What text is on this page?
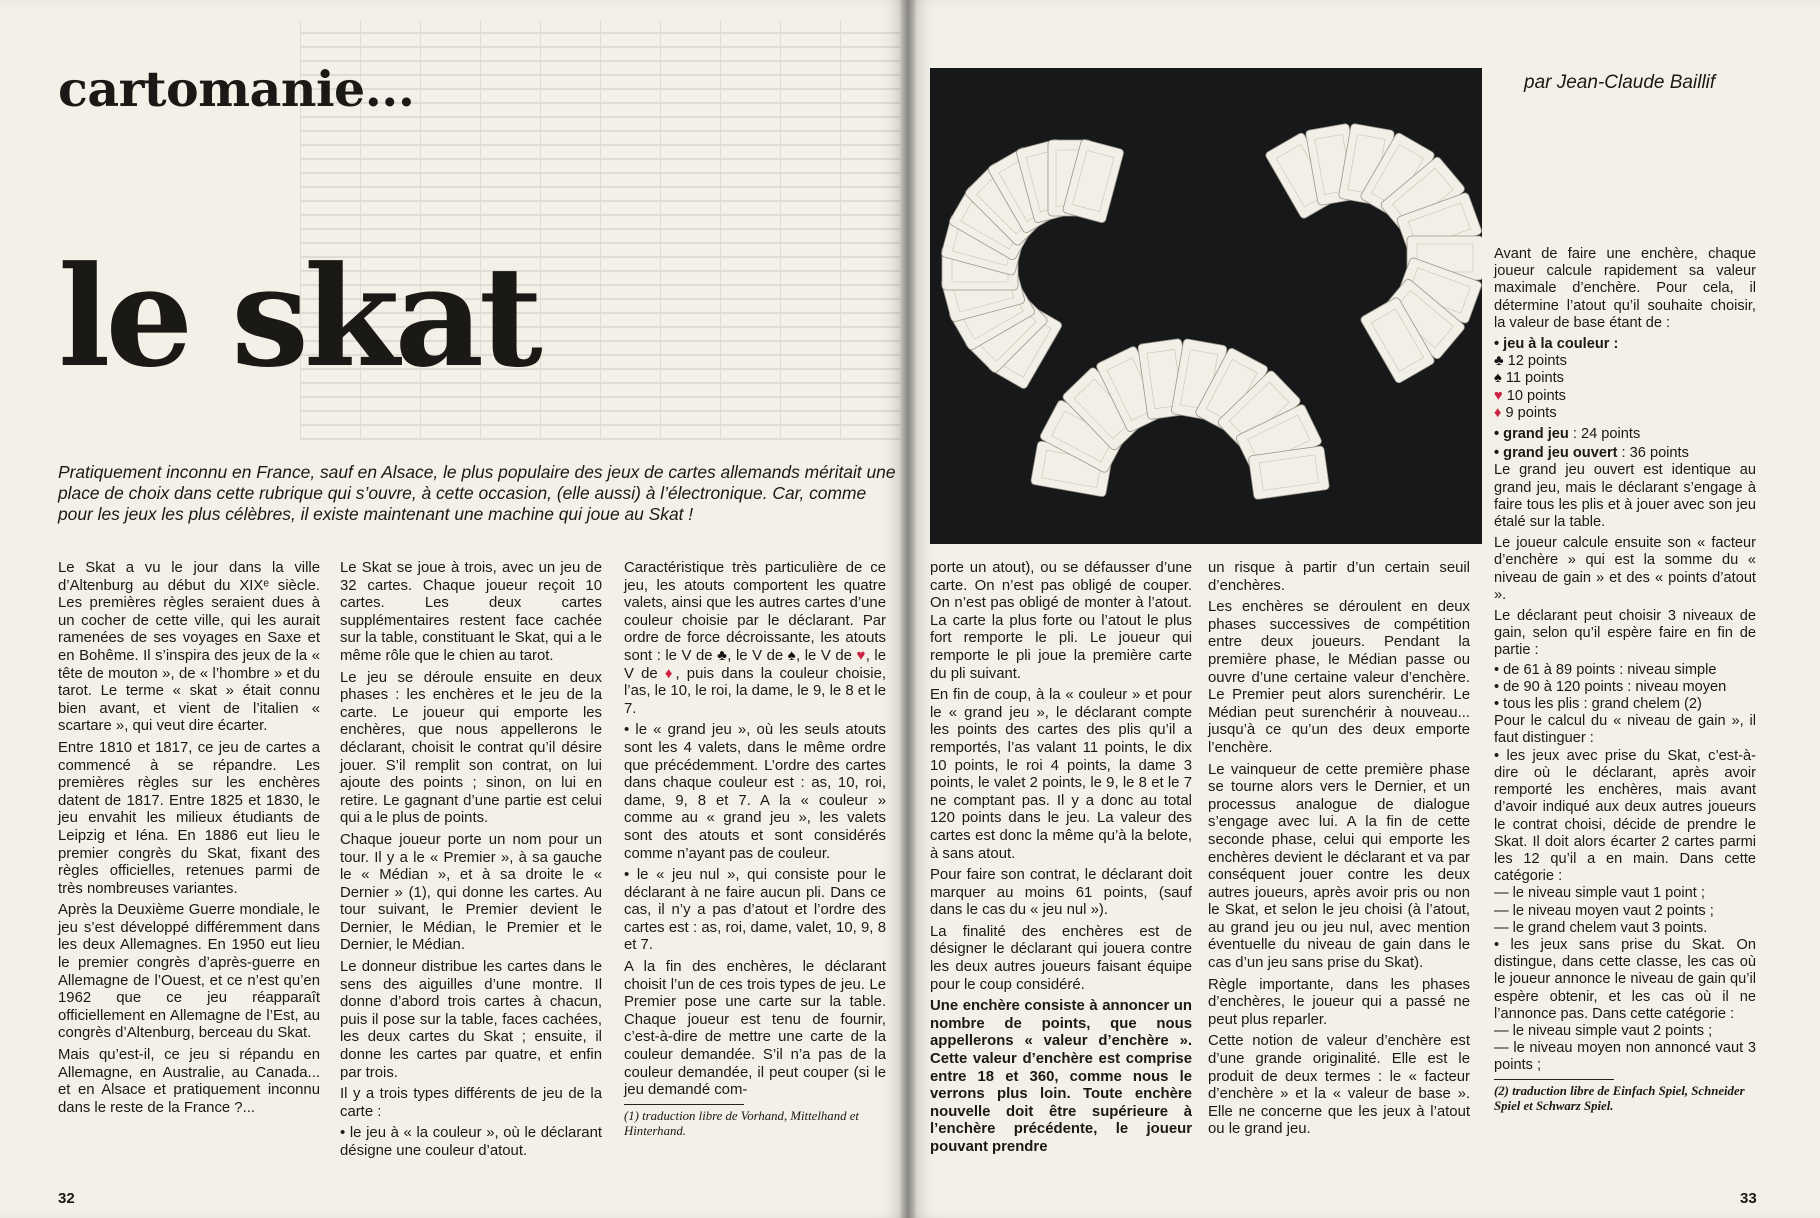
cartomanie...
le skat

Pratiquement inconnu en France, sauf en Alsace, le plus populaire des jeux de cartes allemands méritait une place de choix dans cette rubrique qui s’ouvre, à cette occasion, (elle aussi) à l’électronique. Car, comme pour les jeux les plus célèbres, il existe maintenant une machine qui joue au Skat !

Le Skat a vu le jour dans la ville d’Altenburg au début du XIXᵉ siècle. Les premières règles seraient dues à un cocher de cette ville, qui les aurait ramenées de ses voyages en Saxe et en Bohême. Il s’inspira des jeux de la « tête de mouton », de « l’hombre » et du tarot. Le terme « skat » était connu bien avant, et vient de l’italien « scartare », qui veut dire écarter.

Entre 1810 et 1817, ce jeu de cartes a commencé à se répandre. Les premières règles sur les enchères datent de 1817. Entre 1825 et 1830, le jeu envahit les milieux étudiants de Leipzig et Iéna. En 1886 eut lieu le premier congrès du Skat, fixant des règles officielles, retenues parmi de très nombreuses variantes.

Après la Deuxième Guerre mondiale, le jeu s’est développé différemment dans les deux Allemagnes. En 1950 eut lieu le premier congrès d’après-guerre en Allemagne de l’Ouest, et ce n’est qu’en 1962 que ce jeu réapparaît officiellement en Allemagne de l’Est, au congrès d’Altenburg, berceau du Skat.

Mais qu’est-il, ce jeu si répandu en Allemagne, en Australie, au Canada... et en Alsace et pratiquement inconnu dans le reste de la France ?...

Le Skat se joue à trois, avec un jeu de 32 cartes. Chaque joueur reçoit 10 cartes. Les deux cartes supplémentaires restent face cachée sur la table, constituant le Skat, qui a le même rôle que le chien au tarot.

Le jeu se déroule ensuite en deux phases : les enchères et le jeu de la carte. Le joueur qui emporte les enchères, que nous appellerons le déclarant, choisit le contrat qu’il désire jouer. S’il remplit son contrat, on lui ajoute des points ; sinon, on lui en retire. Le gagnant d’une partie est celui qui a le plus de points.

Chaque joueur porte un nom pour un tour. Il y a le « Premier », à sa gauche le « Médian », et à sa droite le « Dernier » (1), qui donne les cartes. Au tour suivant, le Premier devient le Dernier, le Médian, le Premier et le Dernier, le Médian.

Le donneur distribue les cartes dans le sens des aiguilles d’une montre. Il donne d’abord trois cartes à chacun, puis il pose sur la table, faces cachées, les deux cartes du Skat ; ensuite, il donne les cartes par quatre, et enfin par trois.

Il y a trois types différents de jeu de la carte :

• le jeu à « la couleur », où le déclarant désigne une couleur d’atout.

Caractéristique très particulière de ce jeu, les atouts comportent les quatre valets, ainsi que les autres cartes d’une couleur choisie par le déclarant. Par ordre de force décroissante, les atouts sont : le V de ♣, le V de ♠, le V de ♥, le V de ♦, puis dans la couleur choisie, l’as, le 10, le roi, la dame, le 9, le 8 et le 7.

• le « grand jeu », où les seuls atouts sont les 4 valets, dans le même ordre que précédemment. L’ordre des cartes dans chaque couleur est : as, 10, roi, dame, 9, 8 et 7. A la « couleur » comme au « grand jeu », les valets sont des atouts et sont considérés comme n’ayant pas de couleur.

• le « jeu nul », qui consiste pour le déclarant à ne faire aucun pli. Dans ce cas, il n’y a pas d’atout et l’ordre des cartes est : as, roi, dame, valet, 10, 9, 8 et 7.

A la fin des enchères, le déclarant choisit l’un de ces trois types de jeu. Le Premier pose une carte sur la table. Chaque joueur est tenu de fournir, c’est-à-dire de mettre une carte de la couleur demandée. S’il n’a pas de la couleur demandée, il peut couper (si le jeu demandé com-

(1) traduction libre de Vorhand, Mittelhand et Hinterhand.

32
par Jean-Claude Baillif

porte un atout), ou se défausser d’une carte. On n’est pas obligé de couper. On n’est pas obligé de monter à l’atout. La carte la plus forte ou l’atout le plus fort remporte le pli. Le joueur qui remporte le pli joue la première carte du pli suivant.

En fin de coup, à la « couleur » et pour le « grand jeu », le déclarant compte les points des cartes des plis qu’il a remportés, l’as valant 11 points, le dix 10 points, le roi 4 points, la dame 3 points, le valet 2 points, le 9, le 8 et le 7 ne comptant pas. Il y a donc au total 120 points dans le jeu. La valeur des cartes est donc la même qu’à la belote, à sans atout.

Pour faire son contrat, le déclarant doit marquer au moins 61 points, (sauf dans le cas du « jeu nul »).

La finalité des enchères est de désigner le déclarant qui jouera contre les deux autres joueurs faisant équipe pour le coup considéré.

Une enchère consiste à annoncer un nombre de points, que nous appellerons « valeur d’enchère ». Cette valeur d’enchère est comprise entre 18 et 360, comme nous le verrons plus loin. Toute enchère nouvelle doit être supérieure à l’enchère précédente, le joueur pouvant prendre

un risque à partir d’un certain seuil d’enchères.

Les enchères se déroulent en deux phases successives de compétition entre deux joueurs. Pendant la première phase, le Médian passe ou ouvre d’une certaine valeur d’enchère. Le Premier peut alors surenchérir. Le Médian peut surenchérir à nouveau... jusqu’à ce qu’un des deux emporte l’enchère.

Le vainqueur de cette première phase se tourne alors vers le Dernier, et un processus analogue de dialogue s’engage avec lui. A la fin de cette seconde phase, celui qui emporte les enchères devient le déclarant et va par conséquent jouer contre les deux autres joueurs, après avoir pris ou non le Skat, et selon le jeu choisi (à l’atout, au grand jeu ou jeu nul, avec mention éventuelle du niveau de gain dans le cas d’un jeu sans prise du Skat).

Règle importante, dans les phases d’enchères, le joueur qui a passé ne peut plus reparler.

Cette notion de valeur d’enchère est d’une grande originalité. Elle est le produit de deux termes : le « facteur d’enchère » et la « valeur de base ». Elle ne concerne que les jeux à l’atout ou le grand jeu.

Avant de faire une enchère, chaque joueur calcule rapidement sa valeur maximale d’enchère. Pour cela, il détermine l’atout qu’il souhaite choisir, la valeur de base étant de :

• jeu à la couleur :

♣ 12 points
♠ 11 points
♥ 10 points
♦ 9 points

• grand jeu : 24 points

• grand jeu ouvert : 36 points

Le grand jeu ouvert est identique au grand jeu, mais le déclarant s’engage à faire tous les plis et à jouer avec son jeu étalé sur la table.

Le joueur calcule ensuite son « facteur d’enchère » qui est la somme du « niveau de gain » et des « points d’atout ».

Le déclarant peut choisir 3 niveaux de gain, selon qu’il espère faire en fin de partie :

• de 61 à 89 points : niveau simple
• de 90 à 120 points : niveau moyen
• tous les plis : grand chelem (2)

Pour le calcul du « niveau de gain », il faut distinguer :

• les jeux avec prise du Skat, c’est-à-dire où le déclarant, après avoir remporté les enchères, mais avant d’avoir indiqué aux deux autres joueurs le contrat choisi, décide de prendre le Skat. Il doit alors écarter 2 cartes parmi les 12 qu’il a en main. Dans cette catégorie :

— le niveau simple vaut 1 point ;
— le niveau moyen vaut 2 points ;
— le grand chelem vaut 3 points.

• les jeux sans prise du Skat. On distingue, dans cette classe, les cas où le joueur annonce le niveau de gain qu’il espère obtenir, et les cas où il ne l’annonce pas. Dans cette catégorie :

— le niveau simple vaut 2 points ;
— le niveau moyen non annoncé vaut 3 points ;

(2) traduction libre de Einfach Spiel, Schneider Spiel et Schwarz Spiel.

33
